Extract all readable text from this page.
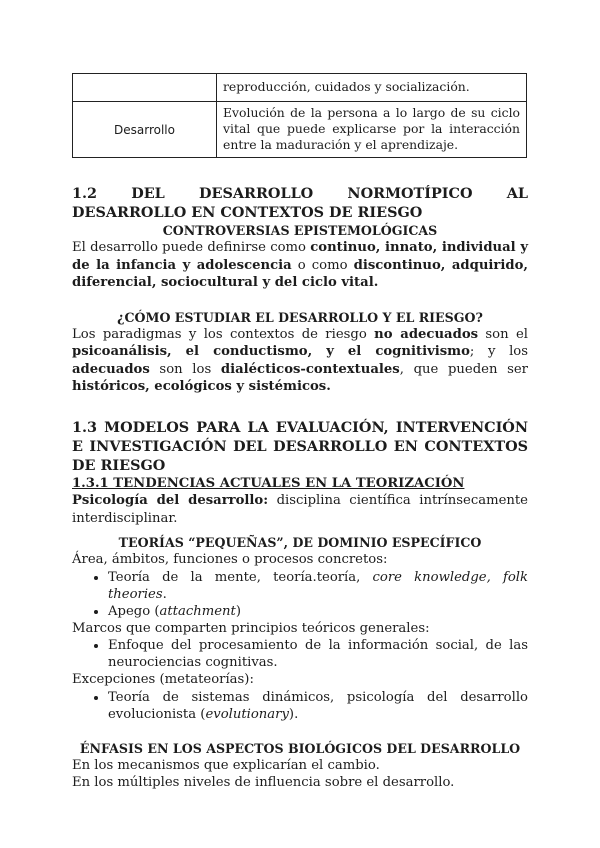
	reproducción, cuidados y socialización.
Desarrollo	Evolución de la persona a lo largo de su ciclo vital que puede explicarse por la interacción entre la maduración y el aprendizaje.
1.2 DEL DESARROLLO NORMOTÍPICO AL DESARROLLO EN CONTEXTOS DE RIESGO
CONTROVERSIAS EPISTEMOLÓGICAS

El desarrollo puede definirse como continuo, innato, individual y de la infancia y adolescencia o como discontinuo, adquirido, diferencial, sociocultural y del ciclo vital.

¿CÓMO ESTUDIAR EL DESARROLLO Y EL RIESGO?

Los paradigmas y los contextos de riesgo no adecuados son el psicoanálisis, el conductismo, y el cognitivismo; y los adecuados son los dialécticos-contextuales, que pueden ser históricos, ecológicos y sistémicos.

1.3 MODELOS PARA LA EVALUACIÓN, INTERVENCIÓN E INVESTIGACIÓN DEL DESARROLLO EN CONTEXTOS DE RIESGO
1.3.1 TENDENCIAS ACTUALES EN LA TEORIZACIÓN

Psicología del desarrollo: disciplina científica intrínsecamente interdisciplinar.

TEORÍAS “PEQUEÑAS”, DE DOMINIO ESPECÍFICO

Área, ámbitos, funciones o procesos concretos:

• Teoría de la mente, teoría.teoría, core knowledge, folk theories.
• Apego (attachment)

Marcos que comparten principios teóricos generales:

• Enfoque del procesamiento de la información social, de las neurociencias cognitivas.

Excepciones (metateorías):

• Teoría de sistemas dinámicos, psicología del desarrollo evolucionista (evolutionary).
ÉNFASIS EN LOS ASPECTOS BIOLÓGICOS DEL DESARROLLO

En los mecanismos que explicarían el cambio.

En los múltiples niveles de influencia sobre el desarrollo.
